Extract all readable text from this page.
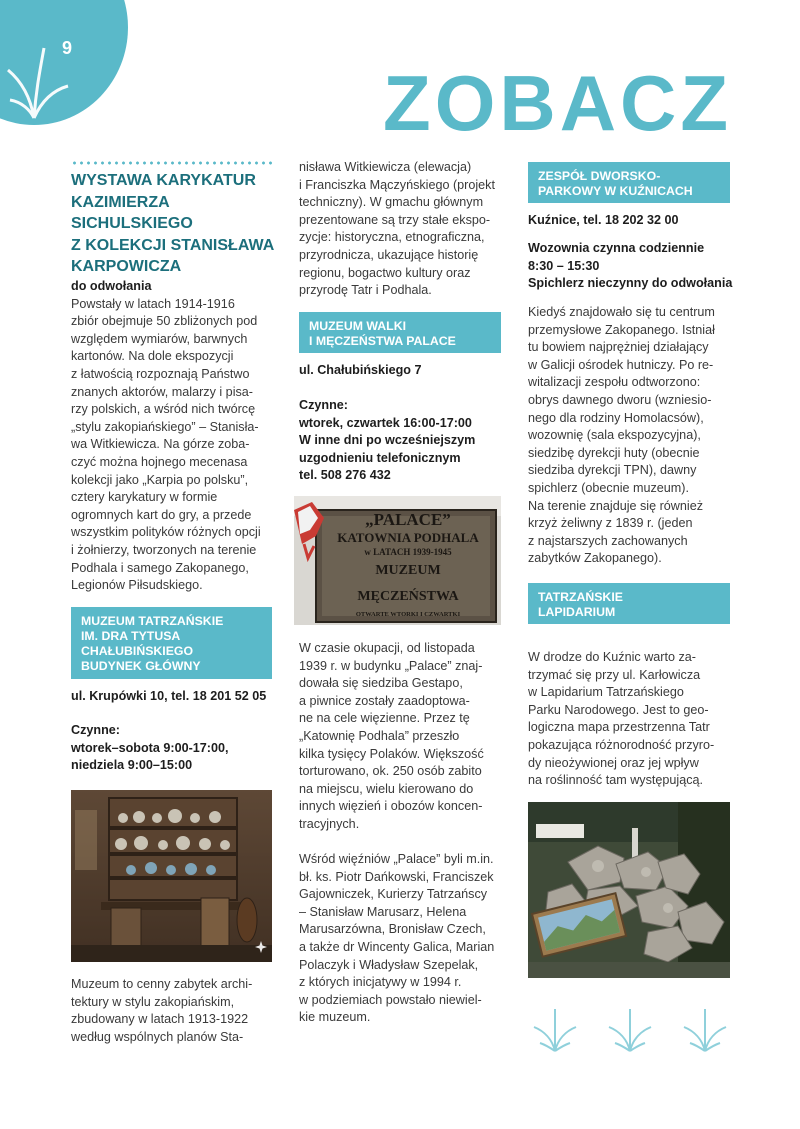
9
ZOBACZ
WYSTAWA KARYKATUR
KAZIMIERZA
SICHULSKIEGO
Z KOLEKCJI STANISŁAWA
KARPOWICZA
do odwołania
Powstały w latach 1914-1916
zbiór obejmuje 50 zbliżonych pod
względem wymiarów, barwnych
kartonów. Na dole ekspozycji
z łatwością rozpoznają Państwo
znanych aktorów, malarzy i pisa-
rzy polskich, a wśród nich twórcę
„stylu zakopiańskiego” – Stanisła-
wa Witkiewicza. Na górze zoba-
czyć można hojnego mecenasa
kolekcji jako „Karpia po polsku”,
cztery karykatury w formie
ogromnych kart do gry, a przede
wszystkim polityków różnych opcji
i żołnierzy, tworzonych na terenie
Podhala i samego Zakopanego,
Legionów Piłsudskiego.
MUZEUM TATRZAŃSKIE
IM. DRA TYTUSA
CHAŁUBIŃSKIEGO
BUDYNEK GŁÓWNY
ul. Krupówki 10, tel. 18 201 52 05
Czynne:
wtorek–sobota 9:00-17:00,
niedziela 9:00–15:00
Muzeum to cenny zabytek archi-
tektury w stylu zakopiańskim,
zbudowany w latach 1913-1922
według wspólnych planów Sta-
nisława Witkiewicza (elewacja)
i Franciszka Mączyńskiego (projekt
techniczny). W gmachu głównym
prezentowane są trzy stałe ekspo-
zycje: historyczna, etnograficzna,
przyrodnicza, ukazujące historię
regionu, bogactwo kultury oraz
przyrodę Tatr i Podhala.
MUZEUM WALKI
I MĘCZEŃSTWA PALACE
ul. Chałubińskiego 7
Czynne:
wtorek, czwartek 16:00-17:00
W inne dni po wcześniejszym
uzgodnieniu telefonicznym
tel. 508 276 432
„PALACE”
KATOWNIA PODHALA
w LATACH 1939-1945
MUZEUM MĘCZEŃSTWA
OTWARTE WTORKI I CZWARTKI
W czasie okupacji, od listopada
1939 r. w budynku „Palace” znaj-
dowała się siedziba Gestapo,
a piwnice zostały zaadoptowa-
ne na cele więzienne. Przez tę
„Katownię Podhala” przeszło
kilka tysięcy Polaków. Większość
torturowano, ok. 250 osób zabito
na miejscu, wielu kierowano do
innych więzień i obozów koncen-
tracyjnych.
Wśród więźniów „Palace” byli m.in.
bł. ks. Piotr Dańkowski, Franciszek
Gajowniczek, Kurierzy Tatrzańscy
– Stanisław Marusarz, Helena
Marusarzówna, Bronisław Czech,
a także dr Wincenty Galica, Marian
Polaczyk i Władysław Szepelak,
z których inicjatywy w 1994 r.
w podziemiach powstało niewiel-
kie muzeum.
ZESPÓŁ DWORSKO-
PARKOWY W KUŹNICACH
Kuźnice, tel. 18 202 32 00
Wozownia czynna codziennie
8:30 – 15:30
Spichlerz nieczynny do odwołania
Kiedyś znajdowało się tu centrum
przemysłowe Zakopanego. Istniał
tu bowiem najprężniej działający
w Galicji ośrodek hutniczy. Po re-
witalizacji zespołu odtworzono:
obrys dawnego dworu (wzniesio-
nego dla rodziny Homolacsów),
wozownię (sala ekspozycyjna),
siedzibę dyrekcji huty (obecnie
siedziba dyrekcji TPN), dawny
spichlerz (obecnie muzeum).
Na terenie znajduje się również
krzyż żeliwny z 1839 r. (jeden
z najstarszych zachowanych
zabytków Zakopanego).
TATRZAŃSKIE
LAPIDARIUM
W drodze do Kuźnic warto za-
trzymać się przy ul. Karłowicza
w Lapidarium Tatrzańskiego
Parku Narodowego. Jest to geo-
logiczna mapa przestrzenna Tatr
pokazująca różnorodność przyro-
dy nieożywionej oraz jej wpływ
na roślinność tam występującą.
